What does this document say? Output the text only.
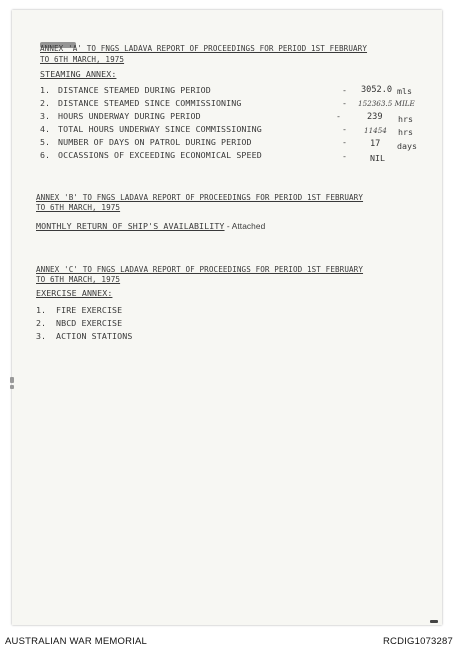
ANNEX 'A' TO FNGS LADAVA REPORT OF PROCEEDINGS FOR PERIOD 1ST FEBRUARY
TO 6TH MARCH, 1975
STEAMING ANNEX:
1. DISTANCE STEAMED DURING PERIOD	- 3052.0 mls
2. DISTANCE STEAMED SINCE COMMISSIONING	- 152363.5 MILE
3. HOURS UNDERWAY DURING PERIOD	-	239 hrs
4. TOTAL HOURS UNDERWAY SINCE COMMISSIONING	- 11454 hrs
5. NUMBER OF DAYS ON PATROL DURING PERIOD	-	17 days
6. OCCASSIONS OF EXCEEDING ECONOMICAL SPEED	-	NIL
ANNEX 'B' TO FNGS LADAVA REPORT OF PROCEEDINGS FOR PERIOD 1ST FEBRUARY
TO 6TH MARCH, 1975
MONTHLY RETURN OF SHIP'S AVAILABILITY - Attached
ANNEX 'C' TO FNGS LADAVA REPORT OF PROCEEDINGS FOR PERIOD 1ST FEBRUARY
TO 6TH MARCH, 1975
EXERCISE ANNEX:
1. FIRE EXERCISE
2. NBCD EXERCISE
3. ACTION STATIONS
AUSTRALIAN WAR MEMORIAL	RCDIG1073287
